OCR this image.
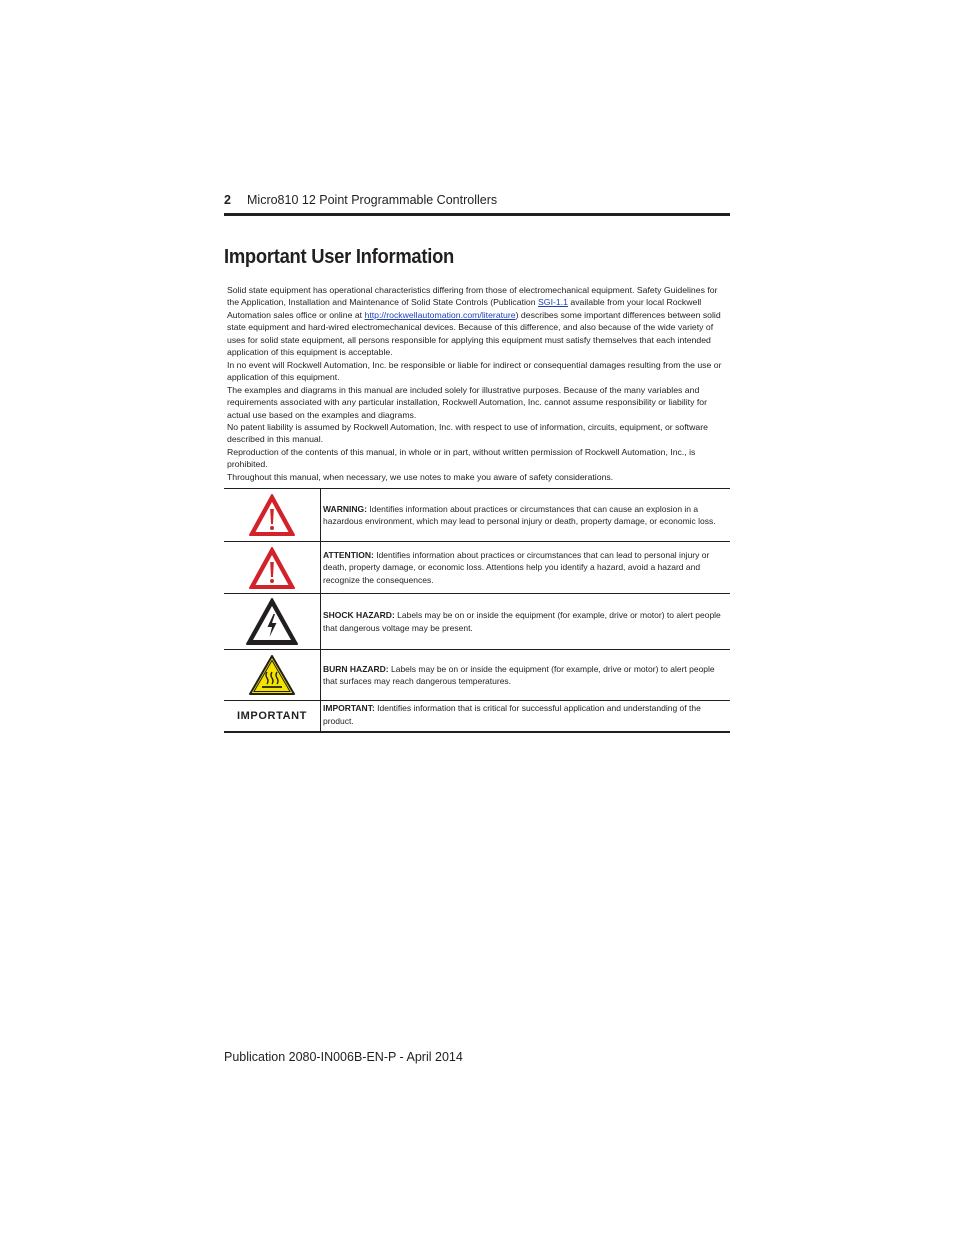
2 Micro810 12 Point Programmable Controllers
Important User Information

Solid state equipment has operational characteristics differing from those of electromechanical equipment. Safety Guidelines for the Application, Installation and Maintenance of Solid State Controls (Publication SGI-1.1 available from your local Rockwell Automation sales office or online at http://rockwellautomation.com/literature) describes some important differences between solid state equipment and hard-wired electromechanical devices. Because of this difference, and also because of the wide variety of uses for solid state equipment, all persons responsible for applying this equipment must satisfy themselves that each intended application of this equipment is acceptable.

In no event will Rockwell Automation, Inc. be responsible or liable for indirect or consequential damages resulting from the use or application of this equipment.

The examples and diagrams in this manual are included solely for illustrative purposes. Because of the many variables and requirements associated with any particular installation, Rockwell Automation, Inc. cannot assume responsibility or liability for actual use based on the examples and diagrams.

No patent liability is assumed by Rockwell Automation, Inc. with respect to use of information, circuits, equipment, or software described in this manual.

Reproduction of the contents of this manual, in whole or in part, without written permission of Rockwell Automation, Inc., is prohibited.

Throughout this manual, when necessary, we use notes to make you aware of safety considerations.

WARNING: Identifies information about practices or circumstances that can cause an explosion in a hazardous environment, which may lead to personal injury or death, property damage, or economic loss.
ATTENTION: Identifies information about practices or circumstances that can lead to personal injury or death, property damage, or economic loss. Attentions help you identify a hazard, avoid a hazard and recognize the consequences.
SHOCK HAZARD: Labels may be on or inside the equipment (for example, drive or motor) to alert people that dangerous voltage may be present.
BURN HAZARD: Labels may be on or inside the equipment (for example, drive or motor) to alert people that surfaces may reach dangerous temperatures.
IMPORTANT
IMPORTANT: Identifies information that is critical for successful application and understanding of the product.
Publication 2080-IN006B-EN-P - April 2014
